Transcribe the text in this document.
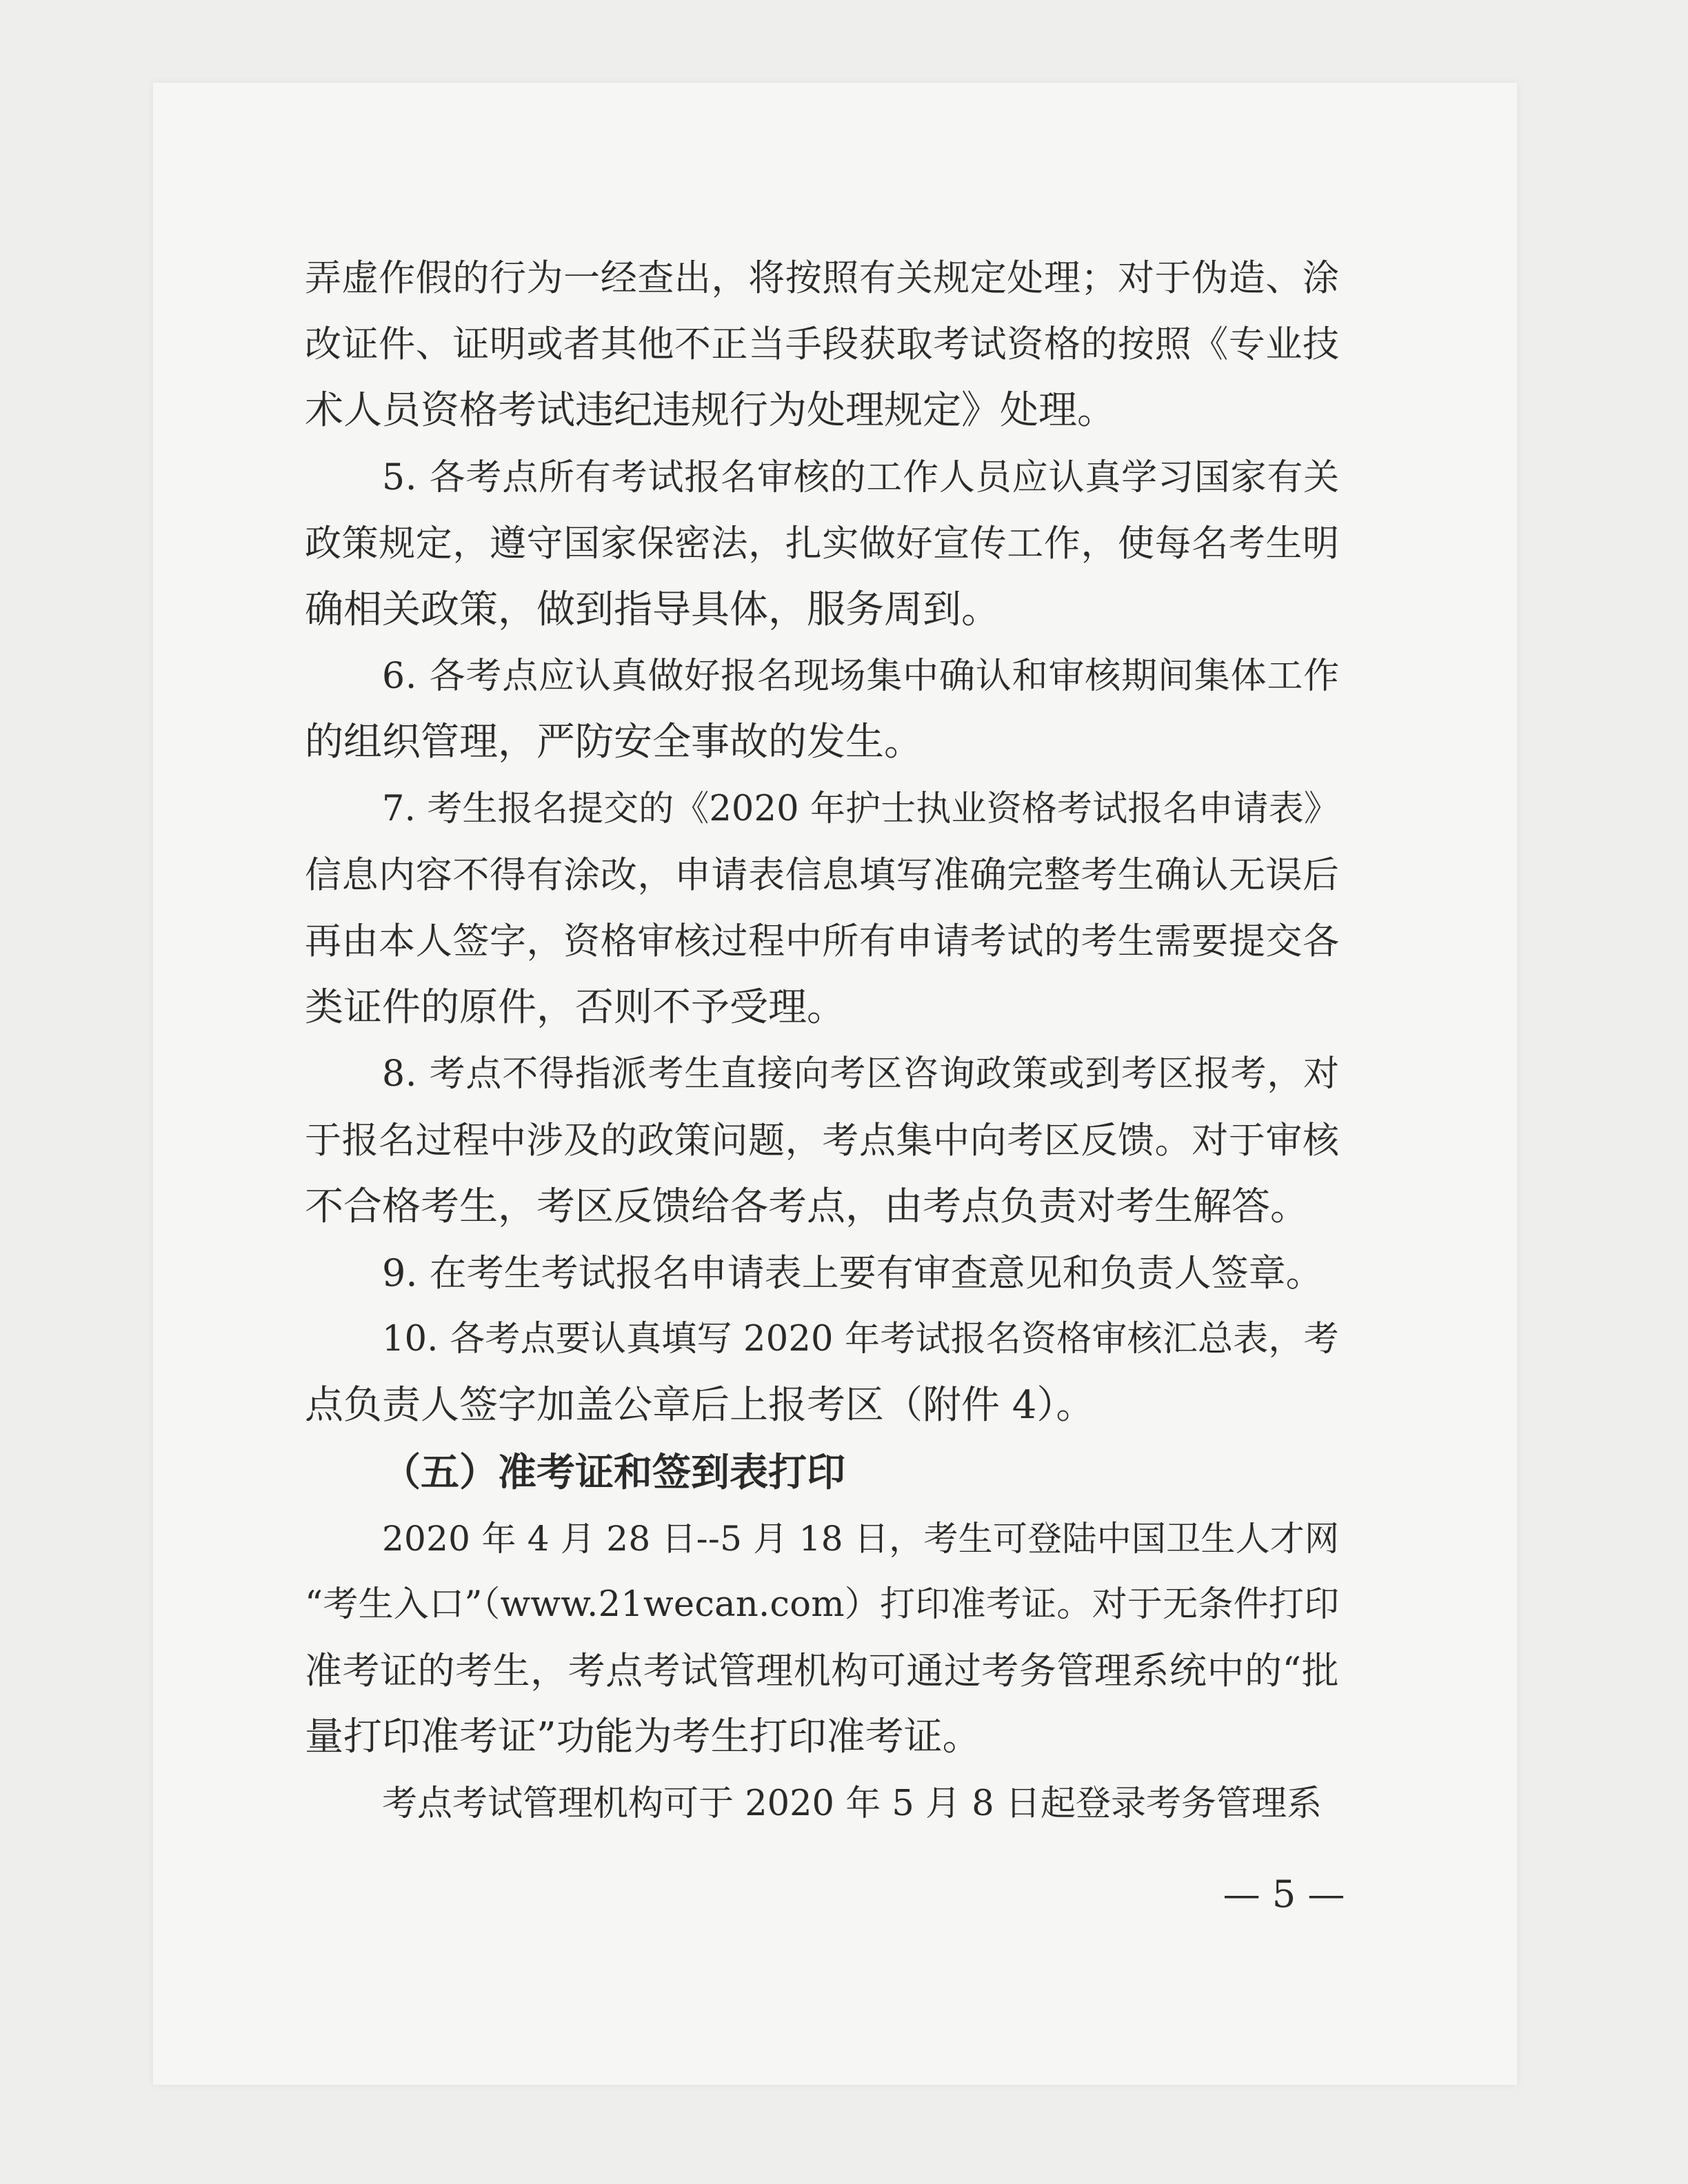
弄虚作假的行为一经查出，将按照有关规定处理；对于伪造、涂
改证件、证明或者其他不正当手段获取考试资格的按照《专业技
术人员资格考试违纪违规行为处理规定》处理。
5. 各考点所有考试报名审核的工作人员应认真学习国家有关
政策规定，遵守国家保密法，扎实做好宣传工作，使每名考生明
确相关政策，做到指导具体，服务周到。
6. 各考点应认真做好报名现场集中确认和审核期间集体工作
的组织管理，严防安全事故的发生。
7. 考生报名提交的《2020 年护士执业资格考试报名申请表》
信息内容不得有涂改，申请表信息填写准确完整考生确认无误后
再由本人签字，资格审核过程中所有申请考试的考生需要提交各
类证件的原件，否则不予受理。
8. 考点不得指派考生直接向考区咨询政策或到考区报考，对
于报名过程中涉及的政策问题，考点集中向考区反馈。对于审核
不合格考生，考区反馈给各考点，由考点负责对考生解答。
9. 在考生考试报名申请表上要有审查意见和负责人签章。
10. 各考点要认真填写 2020 年考试报名资格审核汇总表，考
点负责人签字加盖公章后上报考区（附件 4）。
（五）准考证和签到表打印
2020 年 4 月 28 日--5 月 18 日，考生可登陆中国卫生人才网
“考生入口”（www.21wecan.com）打印准考证。对于无条件打印
准考证的考生，考点考试管理机构可通过考务管理系统中的“批
量打印准考证”功能为考生打印准考证。
考点考试管理机构可于 2020 年 5 月 8 日起登录考务管理系
— 5 —
